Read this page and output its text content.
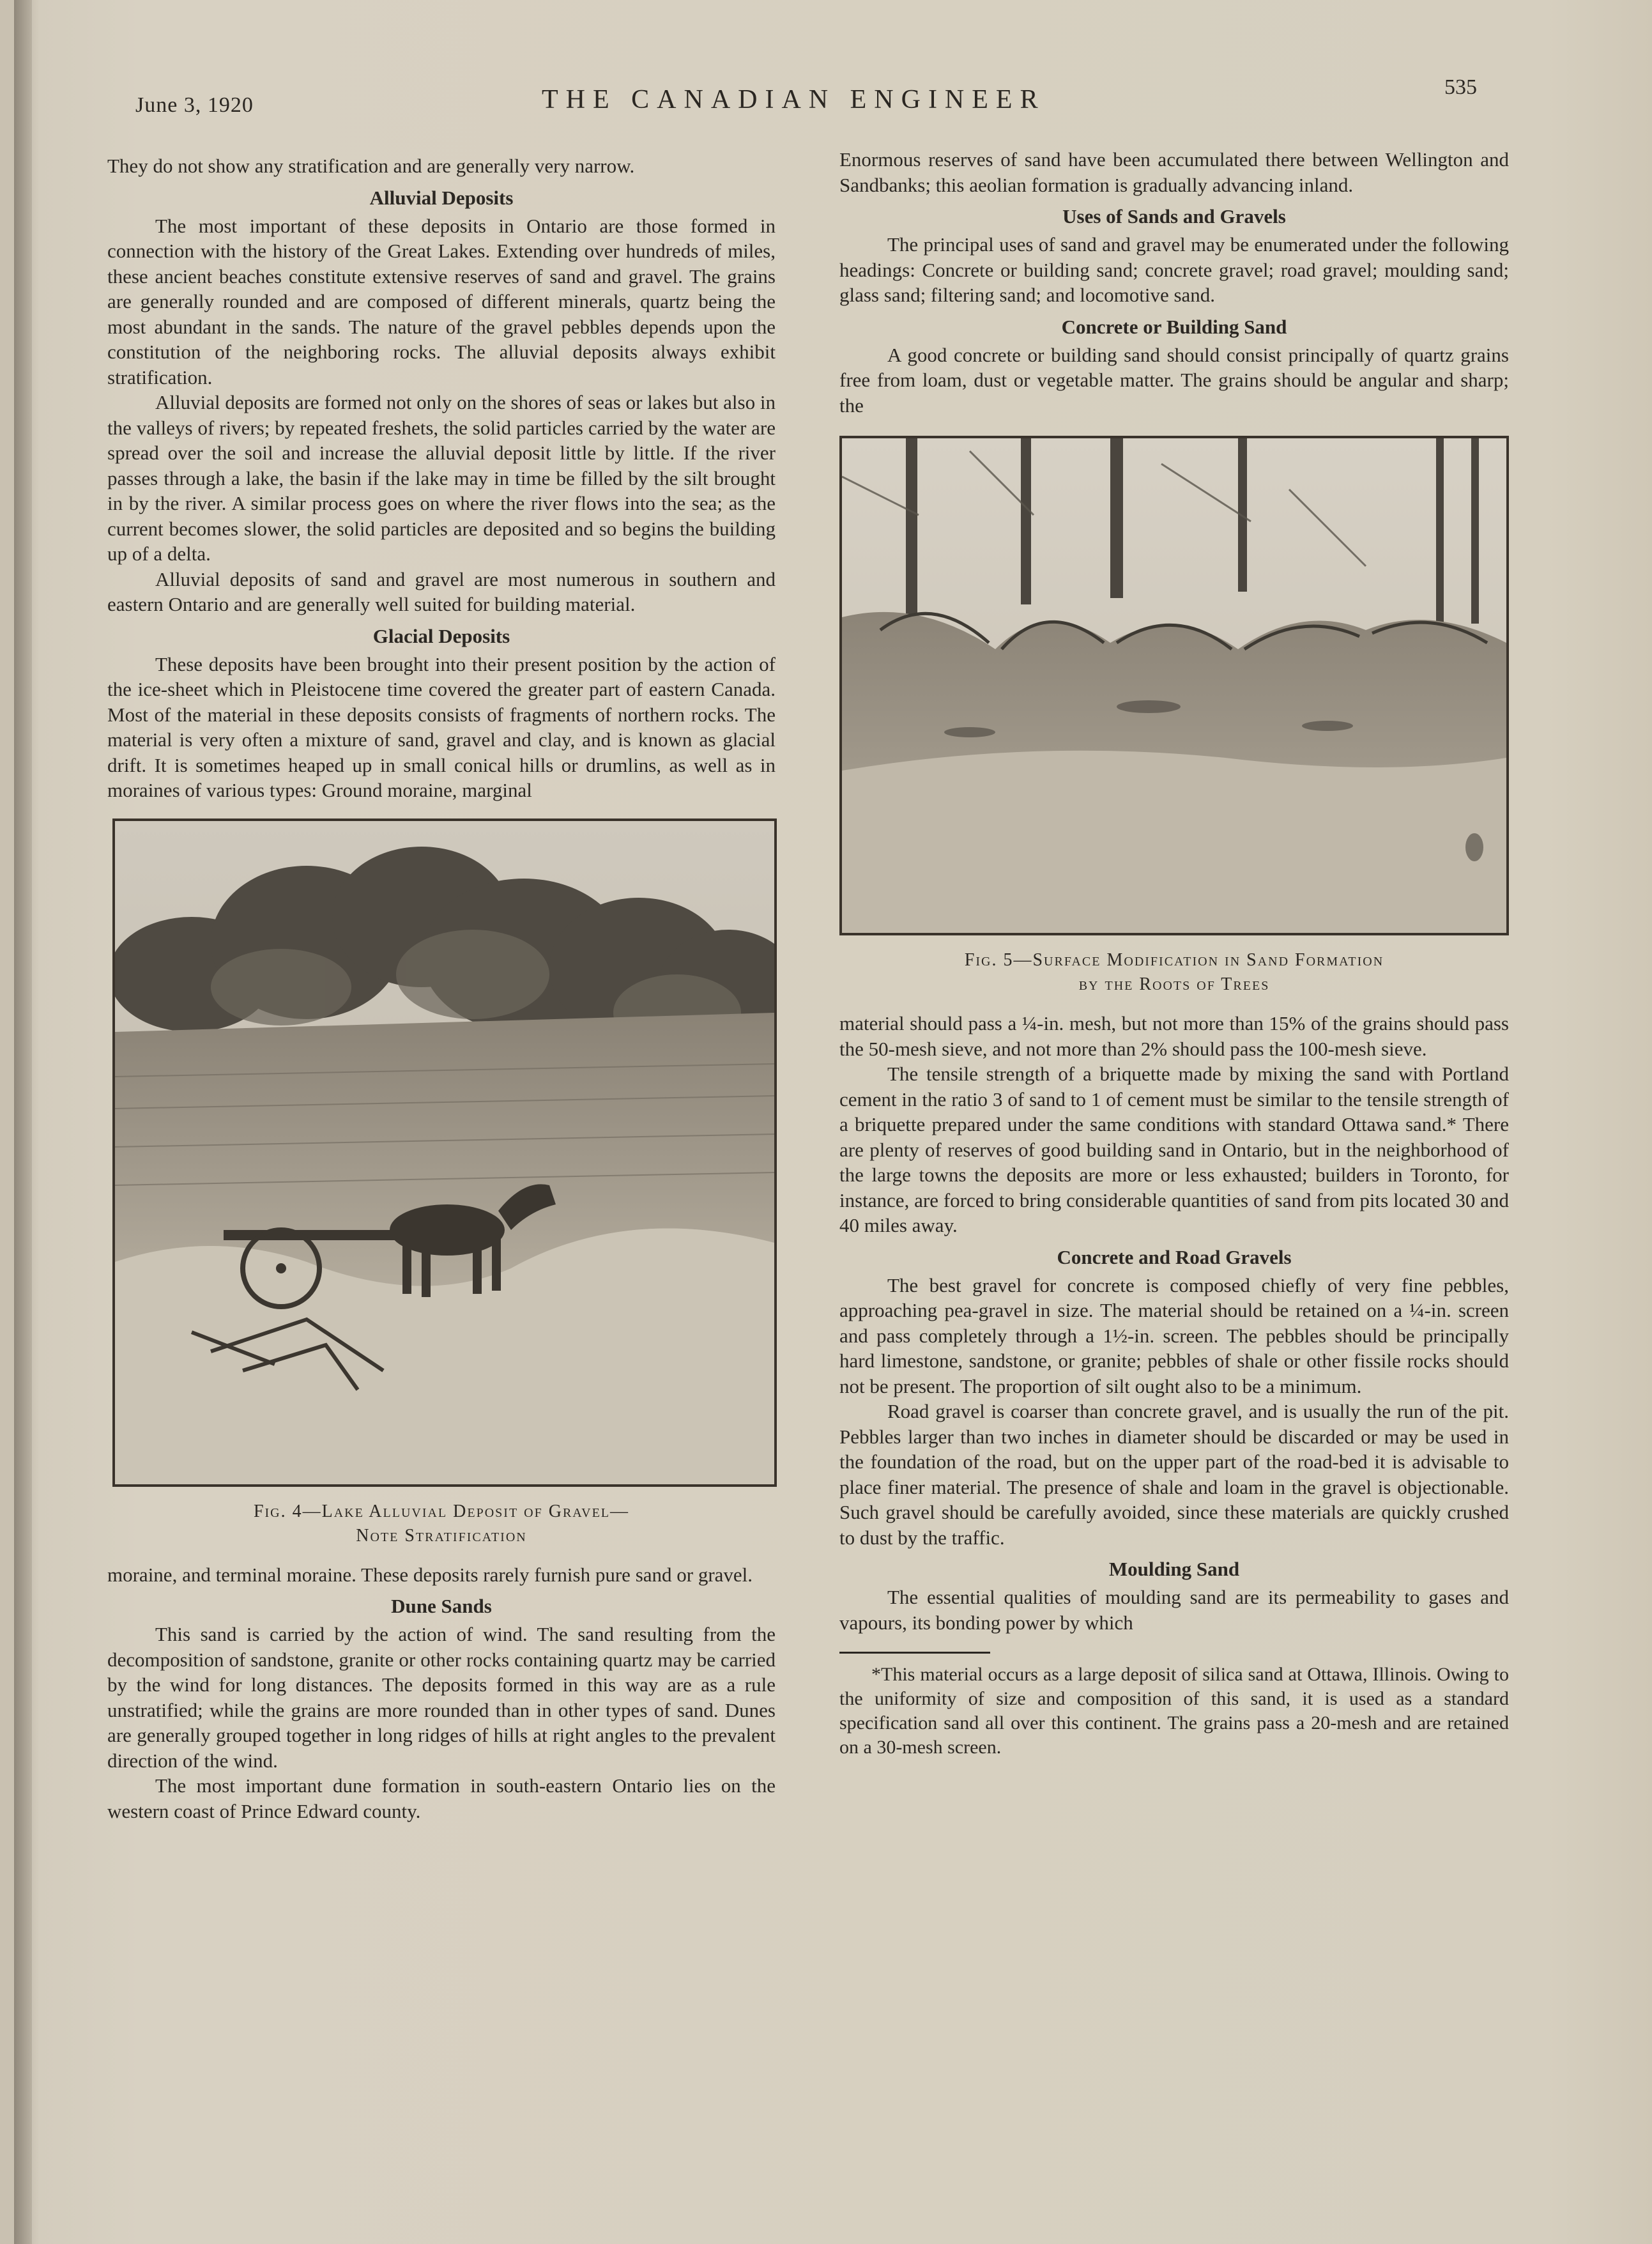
June 3, 1920	THE CANADIAN ENGINEER	535

They do not show any stratification and are generally very narrow.

Alluvial Deposits

The most important of these deposits in Ontario are those formed in connection with the history of the Great Lakes. Extending over hundreds of miles, these ancient beaches constitute extensive reserves of sand and gravel. The grains are generally rounded and are composed of different minerals, quartz being the most abundant in the sands. The nature of the gravel pebbles depends upon the constitution of the neighboring rocks. The alluvial deposits always exhibit stratification.

Alluvial deposits are formed not only on the shores of seas or lakes but also in the valleys of rivers; by repeated freshets, the solid particles carried by the water are spread over the soil and increase the alluvial deposit little by little. If the river passes through a lake, the basin if the lake may in time be filled by the silt brought in by the river. A similar process goes on where the river flows into the sea; as the current becomes slower, the solid particles are deposited and so begins the building up of a delta.

Alluvial deposits of sand and gravel are most numerous in southern and eastern Ontario and are generally well suited for building material.

Glacial Deposits

These deposits have been brought into their present position by the action of the ice-sheet which in Pleistocene time covered the greater part of eastern Canada. Most of the material in these deposits consists of fragments of northern rocks. The material is very often a mixture of sand, gravel and clay, and is known as glacial drift. It is sometimes heaped up in small conical hills or drumlins, as well as in moraines of various types: Ground moraine, marginal

Fig. 4—Lake Alluvial Deposit of Gravel—
Note Stratification

moraine, and terminal moraine. These deposits rarely furnish pure sand or gravel.

Dune Sands

This sand is carried by the action of wind. The sand resulting from the decomposition of sandstone, granite or other rocks containing quartz may be carried by the wind for long distances. The deposits formed in this way are as a rule unstratified; while the grains are more rounded than in other types of sand. Dunes are generally grouped together in long ridges of hills at right angles to the prevalent direction of the wind.

The most important dune formation in south-eastern Ontario lies on the western coast of Prince Edward county.

Enormous reserves of sand have been accumulated there between Wellington and Sandbanks; this aeolian formation is gradually advancing inland.

Uses of Sands and Gravels

The principal uses of sand and gravel may be enumerated under the following headings: Concrete or building sand; concrete gravel; road gravel; moulding sand; glass sand; filtering sand; and locomotive sand.

Concrete or Building Sand

A good concrete or building sand should consist principally of quartz grains free from loam, dust or vegetable matter. The grains should be angular and sharp; the

Fig. 5—Surface Modification in Sand Formation
by the Roots of Trees

material should pass a ¼-in. mesh, but not more than 15% of the grains should pass the 50-mesh sieve, and not more than 2% should pass the 100-mesh sieve.

The tensile strength of a briquette made by mixing the sand with Portland cement in the ratio 3 of sand to 1 of cement must be similar to the tensile strength of a briquette prepared under the same conditions with standard Ottawa sand.* There are plenty of reserves of good building sand in Ontario, but in the neighborhood of the large towns the deposits are more or less exhausted; builders in Toronto, for instance, are forced to bring considerable quantities of sand from pits located 30 and 40 miles away.

Concrete and Road Gravels

The best gravel for concrete is composed chiefly of very fine pebbles, approaching pea-gravel in size. The material should be retained on a ¼-in. screen and pass completely through a 1½-in. screen. The pebbles should be principally hard limestone, sandstone, or granite; pebbles of shale or other fissile rocks should not be present. The proportion of silt ought also to be a minimum.

Road gravel is coarser than concrete gravel, and is usually the run of the pit. Pebbles larger than two inches in diameter should be discarded or may be used in the foundation of the road, but on the upper part of the road-bed it is advisable to place finer material. The presence of shale and loam in the gravel is objectionable. Such gravel should be carefully avoided, since these materials are quickly crushed to dust by the traffic.

Moulding Sand

The essential qualities of moulding sand are its permeability to gases and vapours, its bonding power by which

*This material occurs as a large deposit of silica sand at Ottawa, Illinois. Owing to the uniformity of size and composition of this sand, it is used as a standard specification sand all over this continent. The grains pass a 20-mesh and are retained on a 30-mesh screen.
